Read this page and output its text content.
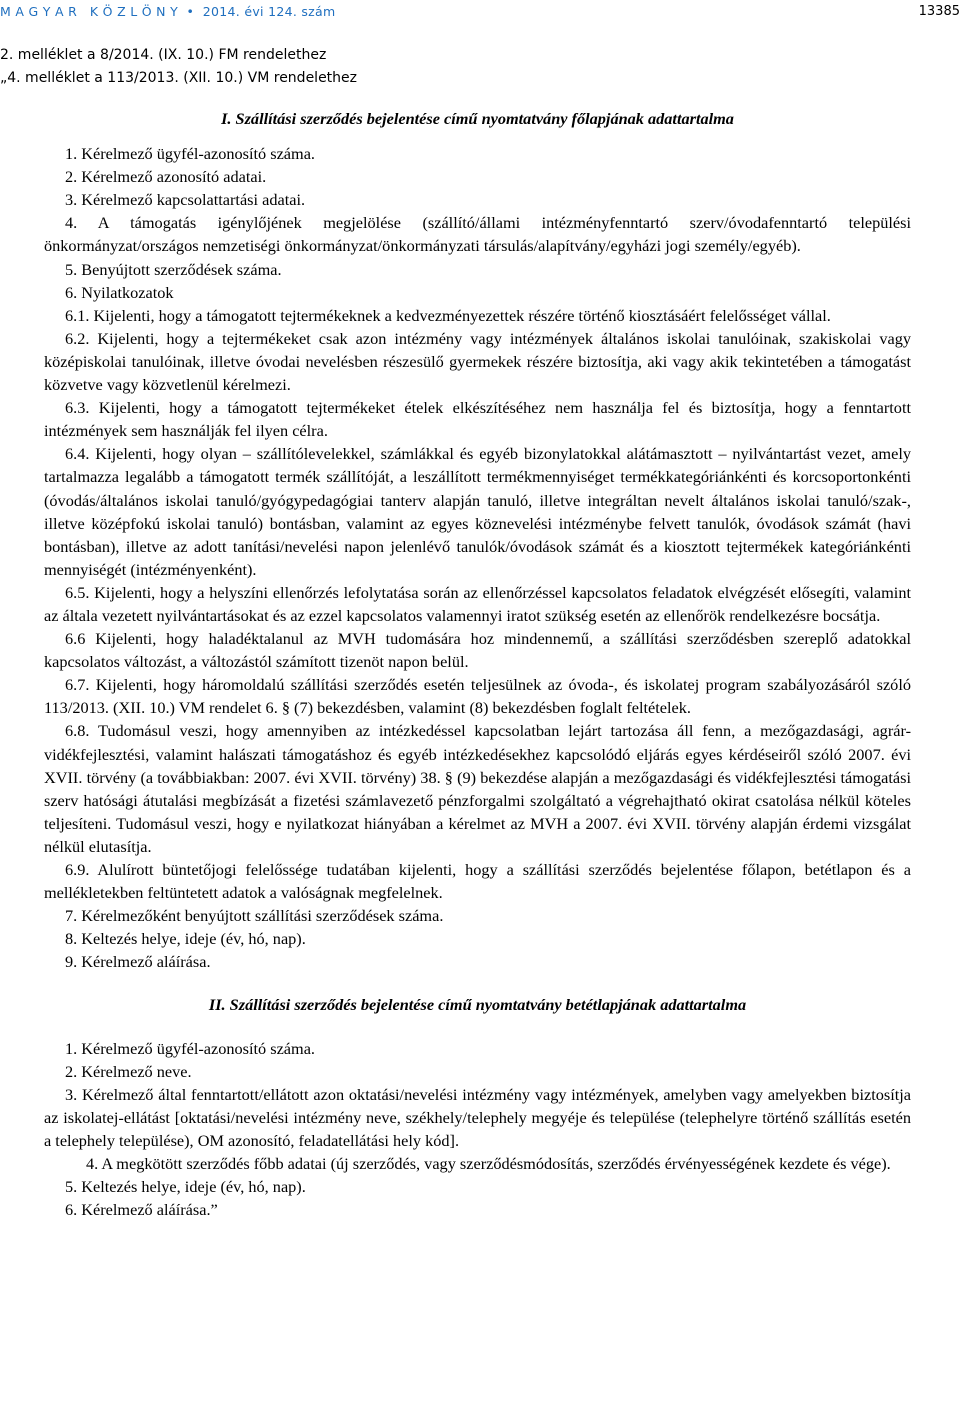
M A G Y A R   K Ö Z L Ö N Y  •  2014. évi 124. szám	13385
2. melléklet a 8/2014. (IX. 10.) FM rendelethez
„4. melléklet a 113/2013. (XII. 10.) VM rendelethez

I. Szállítási szerződés bejelentése című nyomtatvány főlapjának adattartalma

1. Kérelmező ügyfél-azonosító száma.

2. Kérelmező azonosító adatai.

3. Kérelmező kapcsolattartási adatai.

4. A támogatás igénylőjének megjelölése (szállító/állami intézményfenntartó szerv/óvodafenntartó települési önkormányzat/országos nemzetiségi önkormányzat/önkormányzati társulás/alapítvány/egyházi jogi személy/egyéb).

5. Benyújtott szerződések száma.

6. Nyilatkozatok

6.1. Kijelenti, hogy a támogatott tejtermékeknek a kedvezményezettek részére történő kiosztásáért felelősséget vállal.

6.2. Kijelenti, hogy a tejtermékeket csak azon intézmény vagy intézmények általános iskolai tanulóinak, szakiskolai vagy középiskolai tanulóinak, illetve óvodai nevelésben részesülő gyermekek részére biztosítja, aki vagy akik tekintetében a támogatást közvetve vagy közvetlenül kérelmezi.

6.3. Kijelenti, hogy a támogatott tejtermékeket ételek elkészítéséhez nem használja fel és biztosítja, hogy a fenntartott intézmények sem használják fel ilyen célra.

6.4. Kijelenti, hogy olyan – szállítólevelekkel, számlákkal és egyéb bizonylatokkal alátámasztott – nyilvántartást vezet, amely tartalmazza legalább a támogatott termék szállítóját, a leszállított termékmennyiséget termékkategóriánkénti és korcsoportonkénti (óvodás/általános iskolai tanuló/gyógypedagógiai tanterv alapján tanuló, illetve integráltan nevelt általános iskolai tanuló/szak-, illetve középfokú iskolai tanuló) bontásban, valamint az egyes köznevelési intézménybe felvett tanulók, óvodások számát (havi bontásban), illetve az adott tanítási/nevelési napon jelenlévő tanulók/óvodások számát és a kiosztott tejtermékek kategóriánkénti mennyiségét (intézményenként).

6.5. Kijelenti, hogy a helyszíni ellenőrzés lefolytatása során az ellenőrzéssel kapcsolatos feladatok elvégzését elősegíti, valamint az általa vezetett nyilvántartásokat és az ezzel kapcsolatos valamennyi iratot szükség esetén az ellenőrök rendelkezésre bocsátja.

6.6 Kijelenti, hogy haladéktalanul az MVH tudomására hoz mindennemű, a szállítási szerződésben szereplő adatokkal kapcsolatos változást, a változástól számított tizenöt napon belül.

6.7. Kijelenti, hogy háromoldalú szállítási szerződés esetén teljesülnek az óvoda-, és iskolatej program szabályozásáról szóló 113/2013. (XII. 10.) VM rendelet 6. § (7) bekezdésben, valamint (8) bekezdésben foglalt feltételek.

6.8. Tudomásul veszi, hogy amennyiben az intézkedéssel kapcsolatban lejárt tartozása áll fenn, a mezőgazdasági, agrár-vidékfejlesztési, valamint halászati támogatáshoz és egyéb intézkedésekhez kapcsolódó eljárás egyes kérdéseiről szóló 2007. évi XVII. törvény (a továbbiakban: 2007. évi XVII. törvény) 38. § (9) bekezdése alapján a mezőgazdasági és vidékfejlesztési támogatási szerv hatósági átutalási megbízását a fizetési számlavezető pénzforgalmi szolgáltató a végrehajtható okirat csatolása nélkül köteles teljesíteni. Tudomásul veszi, hogy e nyilatkozat hiányában a kérelmet az MVH a 2007. évi XVII. törvény alapján érdemi vizsgálat nélkül elutasítja.

6.9. Alulírott büntetőjogi felelőssége tudatában kijelenti, hogy a szállítási szerződés bejelentése főlapon, betétlapon és a mellékletekben feltüntetett adatok a valóságnak megfelelnek.

7. Kérelmezőként benyújtott szállítási szerződések száma.

8. Keltezés helye, ideje (év, hó, nap).

9. Kérelmező aláírása.

II. Szállítási szerződés bejelentése című nyomtatvány betétlapjának adattartalma

1. Kérelmező ügyfél-azonosító száma.

2. Kérelmező neve.

3. Kérelmező által fenntartott/ellátott azon oktatási/nevelési intézmény vagy intézmények, amelyben vagy amelyekben biztosítja az iskolatej-ellátást [oktatási/nevelési intézmény neve, székhely/telephely megyéje és települése (telephelyre történő szállítás esetén a telephely települése), OM azonosító, feladatellátási hely kód].

4. A megkötött szerződés főbb adatai (új szerződés, vagy szerződésmódosítás, szerződés érvényességének kezdete és vége).

5. Keltezés helye, ideje (év, hó, nap).

6. Kérelmező aláírása.”
